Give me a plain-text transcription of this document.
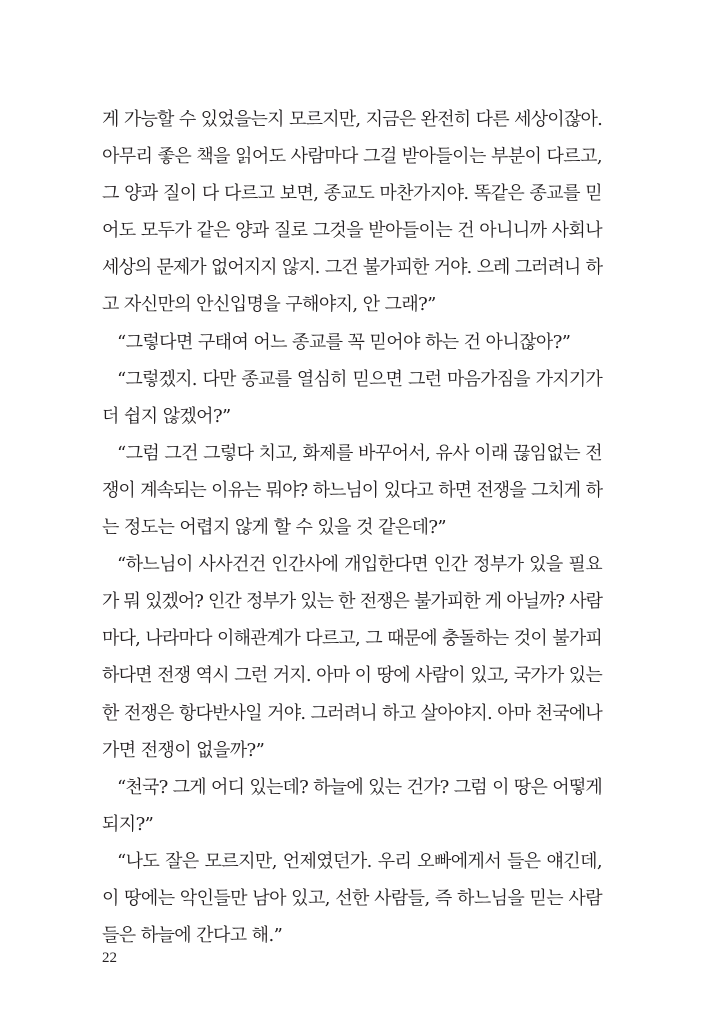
게 가능할 수 있었을는지 모르지만, 지금은 완전히 다른 세상이잖아.
아무리 좋은 책을 읽어도 사람마다 그걸 받아들이는 부분이 다르고,
그 양과 질이 다 다르고 보면, 종교도 마찬가지야. 똑같은 종교를 믿
어도 모두가 같은 양과 질로 그것을 받아들이는 건 아니니까 사회나
세상의 문제가 없어지지 않지. 그건 불가피한 거야. 으레 그러려니 하
고 자신만의 안신입명을 구해야지, 안 그래?”
“그렇다면 구태여 어느 종교를 꼭 믿어야 하는 건 아니잖아?”
“그렇겠지. 다만 종교를 열심히 믿으면 그런 마음가짐을 가지기가
더 쉽지 않겠어?”
“그럼 그건 그렇다 치고, 화제를 바꾸어서, 유사 이래 끊임없는 전
쟁이 계속되는 이유는 뭐야? 하느님이 있다고 하면 전쟁을 그치게 하
는 정도는 어렵지 않게 할 수 있을 것 같은데?”
“하느님이 사사건건 인간사에 개입한다면 인간 정부가 있을 필요
가 뭐 있겠어? 인간 정부가 있는 한 전쟁은 불가피한 게 아닐까? 사람
마다, 나라마다 이해관계가 다르고, 그 때문에 충돌하는 것이 불가피
하다면 전쟁 역시 그런 거지. 아마 이 땅에 사람이 있고, 국가가 있는
한 전쟁은 항다반사일 거야. 그러려니 하고 살아야지. 아마 천국에나
가면 전쟁이 없을까?”
“천국? 그게 어디 있는데? 하늘에 있는 건가? 그럼 이 땅은 어떻게
되지?”
“나도 잘은 모르지만, 언제였던가. 우리 오빠에게서 들은 얘긴데,
이 땅에는 악인들만 남아 있고, 선한 사람들, 즉 하느님을 믿는 사람
들은 하늘에 간다고 해.”
22
